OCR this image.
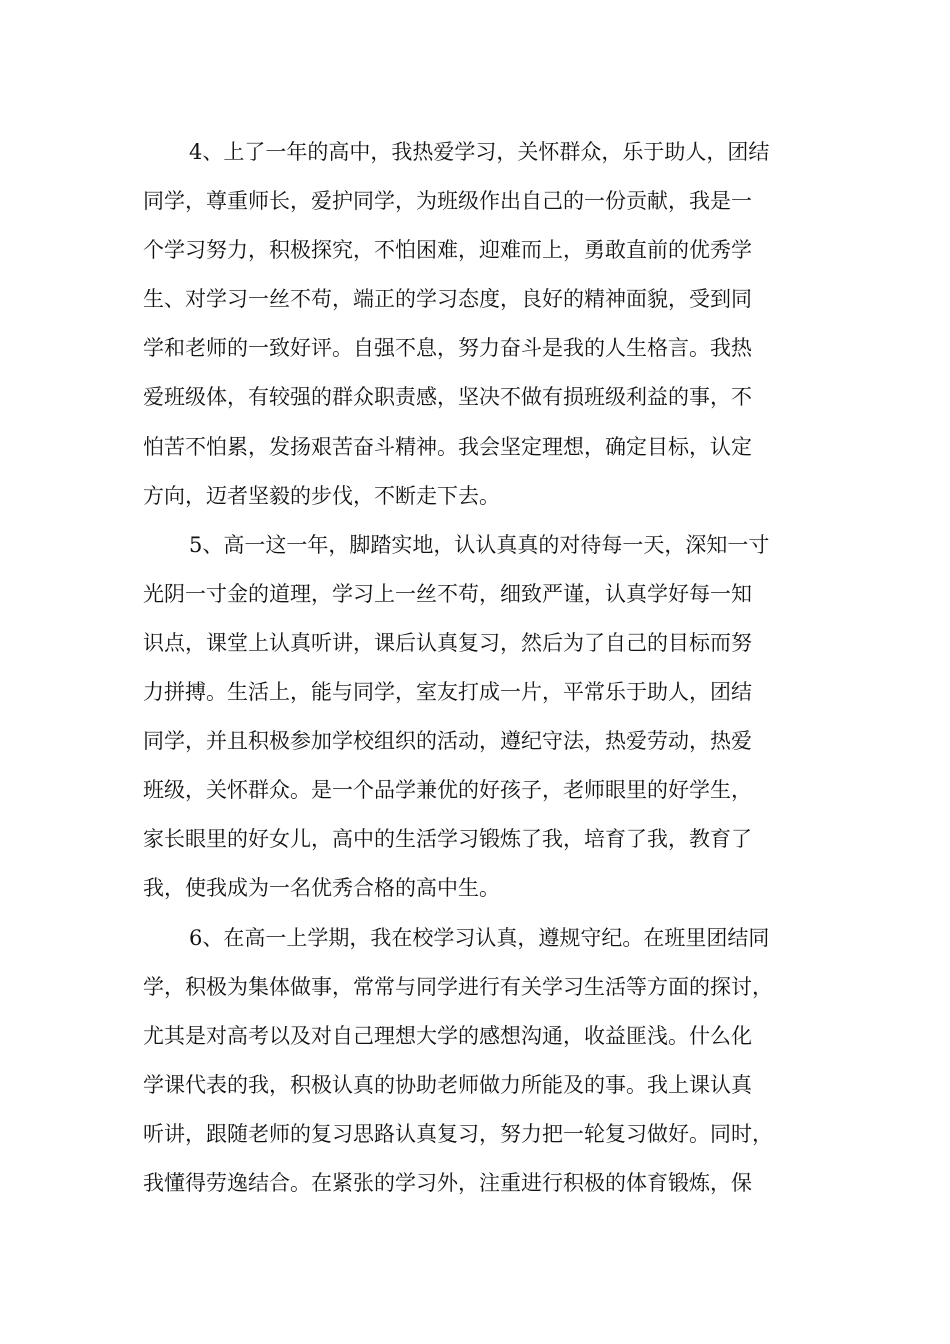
4、上了一年的高中，我热爱学习，关怀群众，乐于助人，团结
同学，尊重师长，爱护同学，为班级作出自己的一份贡献，我是一
个学习努力，积极探究，不怕困难，迎难而上，勇敢直前的优秀学
生、对学习一丝不苟，端正的学习态度，良好的精神面貌，受到同
学和老师的一致好评。自强不息，努力奋斗是我的人生格言。我热
爱班级体，有较强的群众职责感，坚决不做有损班级利益的事，不
怕苦不怕累，发扬艰苦奋斗精神。我会坚定理想，确定目标，认定
方向，迈者坚毅的步伐，不断走下去。
5、高一这一年，脚踏实地，认认真真的对待每一天，深知一寸
光阴一寸金的道理，学习上一丝不苟，细致严谨，认真学好每一知
识点，课堂上认真听讲，课后认真复习，然后为了自己的目标而努
力拼搏。生活上，能与同学，室友打成一片，平常乐于助人，团结
同学，并且积极参加学校组织的活动，遵纪守法，热爱劳动，热爱
班级，关怀群众。是一个品学兼优的好孩子，老师眼里的好学生，
家长眼里的好女儿，高中的生活学习锻炼了我，培育了我，教育了
我，使我成为一名优秀合格的高中生。
6、在高一上学期，我在校学习认真，遵规守纪。在班里团结同
学，积极为集体做事，常常与同学进行有关学习生活等方面的探讨，
尤其是对高考以及对自己理想大学的感想沟通，收益匪浅。什么化
学课代表的我，积极认真的协助老师做力所能及的事。我上课认真
听讲，跟随老师的复习思路认真复习，努力把一轮复习做好。同时，
我懂得劳逸结合。在紧张的学习外，注重进行积极的体育锻炼，保
